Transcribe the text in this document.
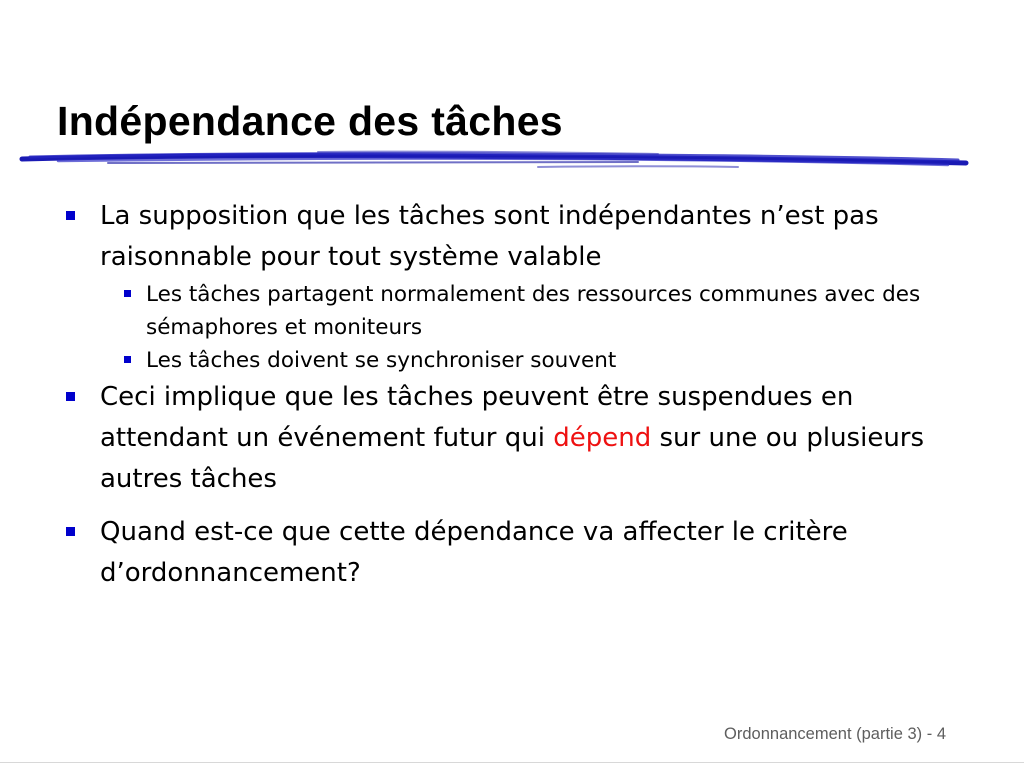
Indépendance des tâches
La supposition que les tâches sont indépendantes n’est pas raisonnable pour tout système valable
Les tâches partagent normalement des ressources communes avec des sémaphores et moniteurs
Les tâches doivent se synchroniser souvent
Ceci implique que les tâches peuvent être suspendues en attendant un événement futur qui dépend sur une ou plusieurs autres tâches
Quand est-ce que cette dépendance va affecter le critère d’ordonnancement?
Ordonnancement (partie 3) - 4
